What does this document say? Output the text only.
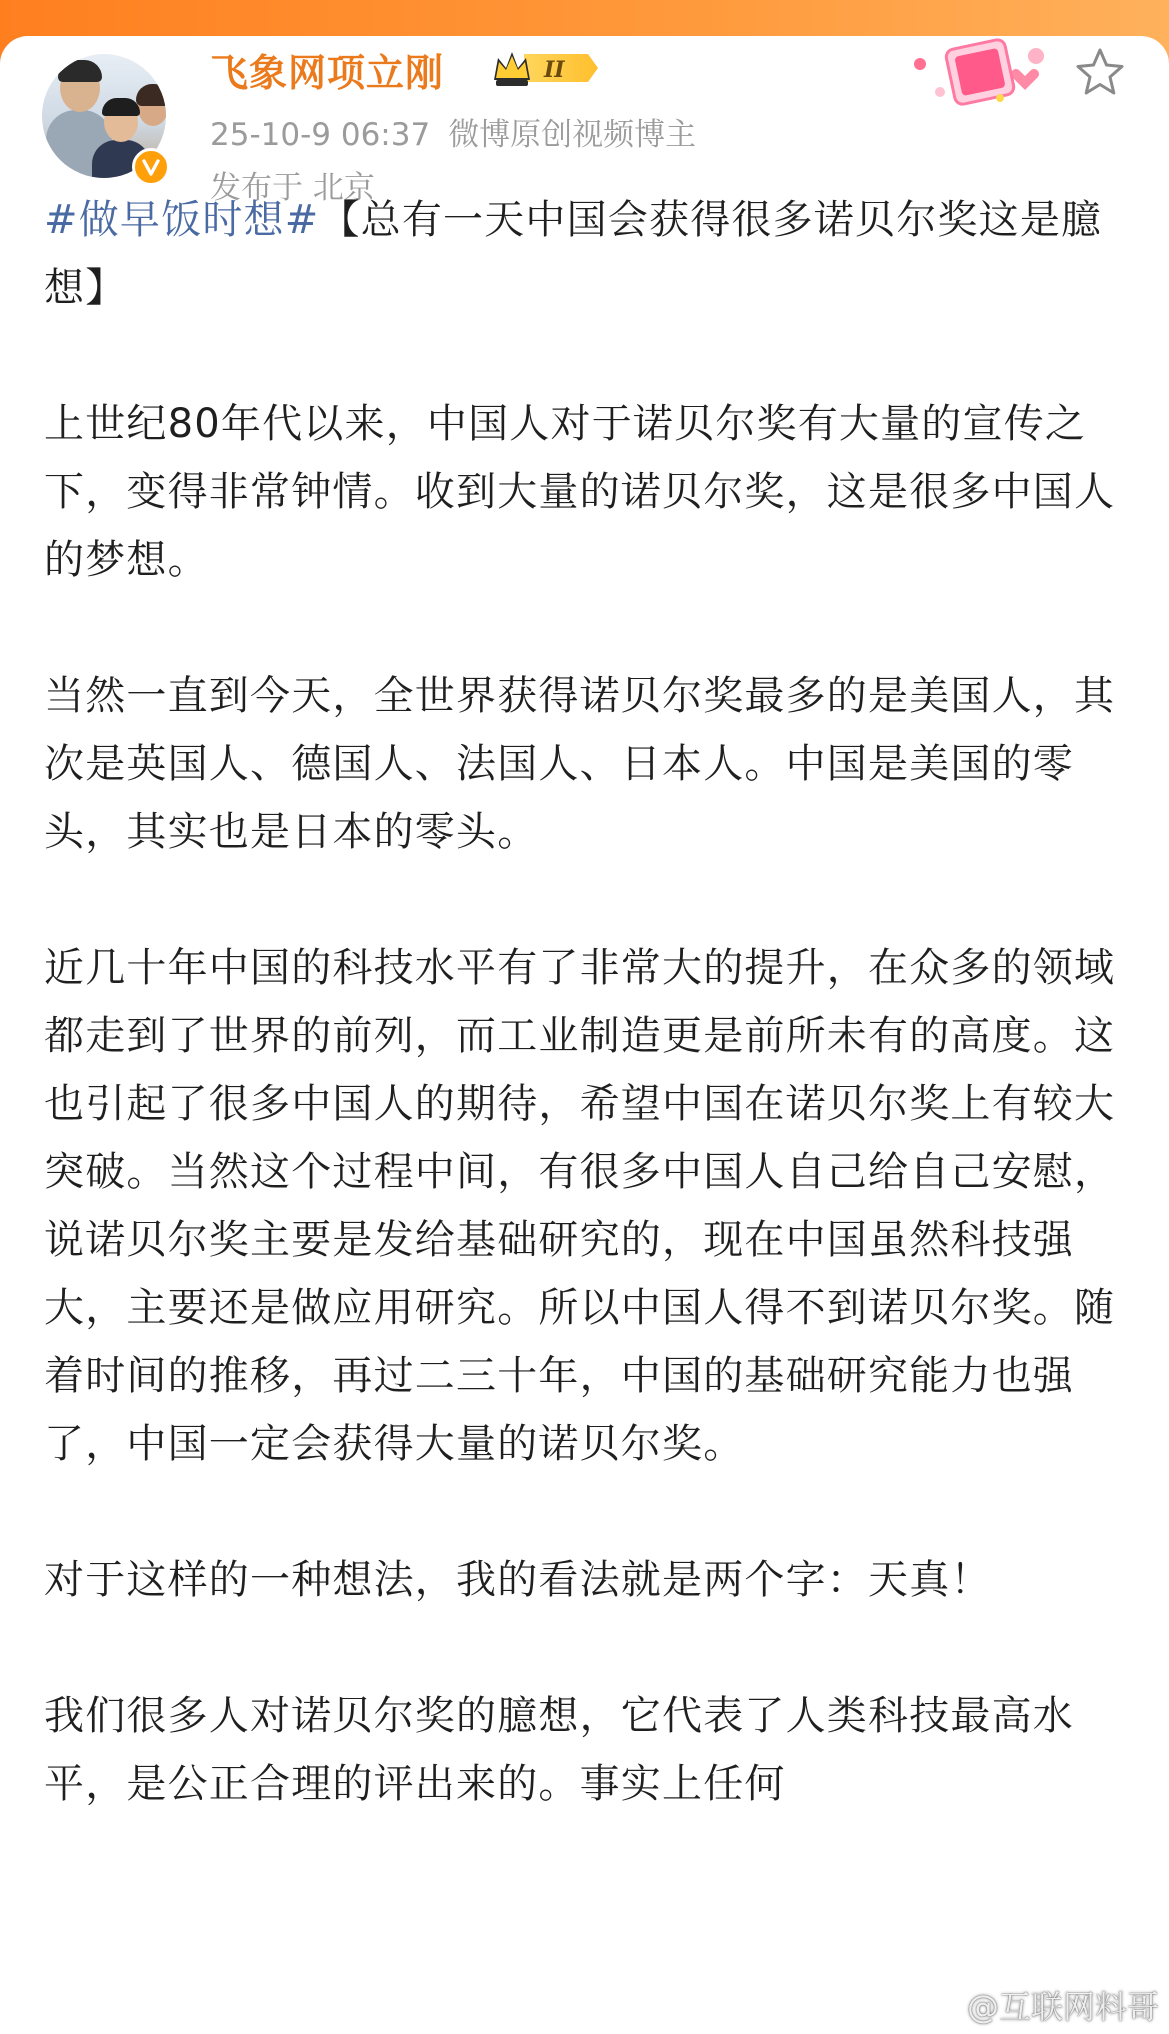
飞象网项立刚	II
25-10-9 06:37 微博原创视频博主
发布于 北京

#做早饭时想#【总有一天中国会获得很多诺贝尔奖这是臆想】

上世纪80年代以来，中国人对于诺贝尔奖有大量的宣传之下，变得非常钟情。收到大量的诺贝尔奖，这是很多中国人的梦想。

当然一直到今天，全世界获得诺贝尔奖最多的是美国人，其次是英国人、德国人、法国人、日本人。中国是美国的零头，其实也是日本的零头。

近几十年中国的科技水平有了非常大的提升，在众多的领域都走到了世界的前列，而工业制造更是前所未有的高度。这也引起了很多中国人的期待，希望中国在诺贝尔奖上有较大突破。当然这个过程中间，有很多中国人自己给自己安慰，说诺贝尔奖主要是发给基础研究的，现在中国虽然科技强大，主要还是做应用研究。所以中国人得不到诺贝尔奖。随着时间的推移，再过二三十年，中国的基础研究能力也强了，中国一定会获得大量的诺贝尔奖。

对于这样的一种想法，我的看法就是两个字：天真！

我们很多人对诺贝尔奖的臆想，它代表了人类科技最高水平，是公正合理的评出来的。事实上任何

@互联网料哥
